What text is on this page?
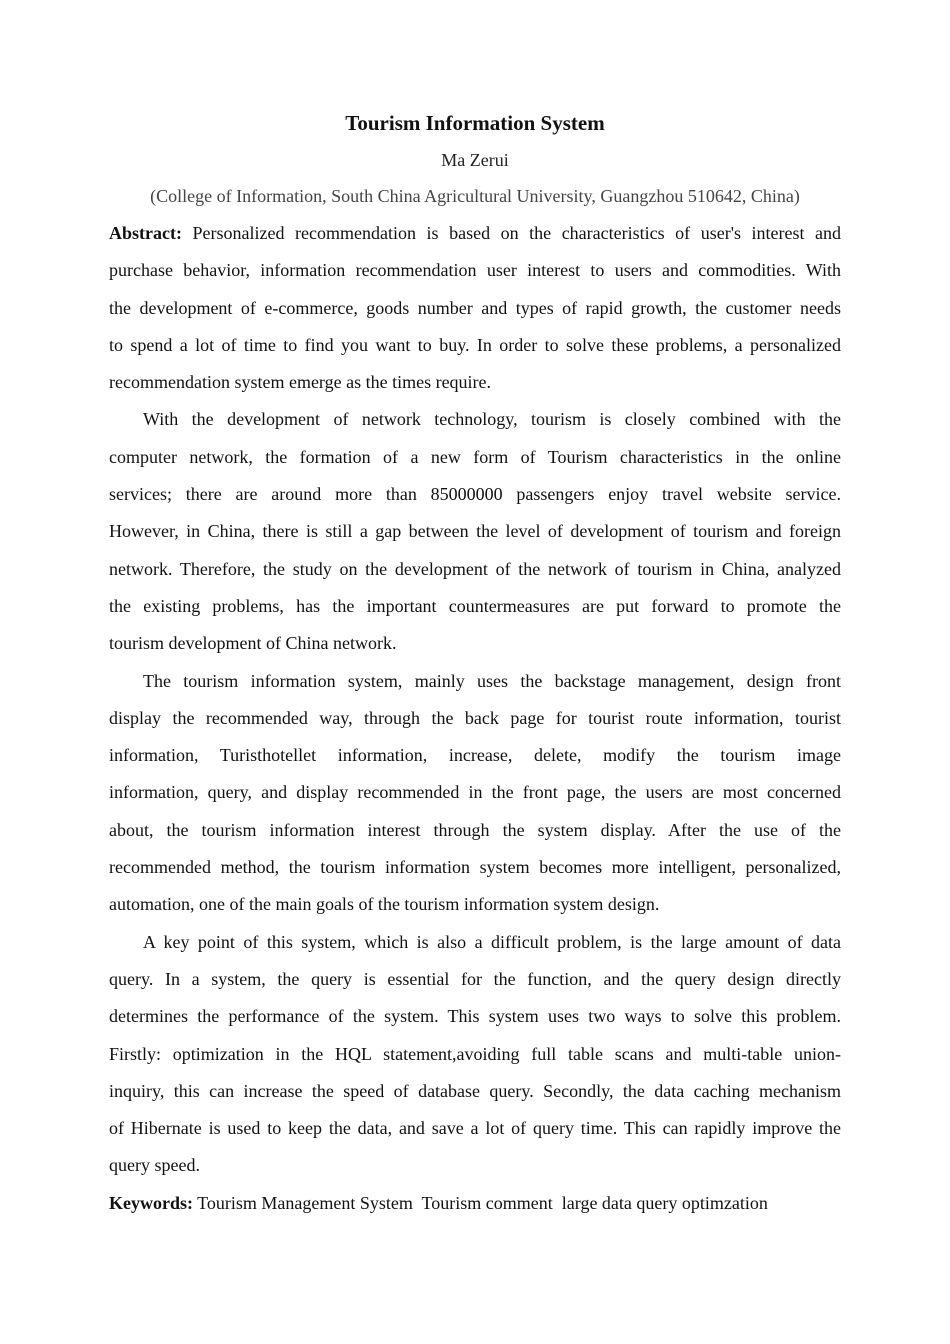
Tourism Information System
Ma Zerui
(College of Information, South China Agricultural University, Guangzhou 510642, China)
Abstract: Personalized recommendation is based on the characteristics of user's interest and
purchase behavior, information recommendation user interest to users and commodities. With
the development of e-commerce, goods number and types of rapid growth, the customer needs
to spend a lot of time to find you want to buy. In order to solve these problems, a personalized
recommendation system emerge as the times require.
With the development of network technology, tourism is closely combined with the
computer network, the formation of a new form of Tourism characteristics in the online
services; there are around more than 85000000 passengers enjoy travel website service.
However, in China, there is still a gap between the level of development of tourism and foreign
network. Therefore, the study on the development of the network of tourism in China, analyzed
the existing problems, has the important countermeasures are put forward to promote the
tourism development of China network.
The tourism information system, mainly uses the backstage management, design front
display the recommended way, through the back page for tourist route information, tourist
information, Turisthotellet information, increase, delete, modify the tourism image
information, query, and display recommended in the front page, the users are most concerned
about, the tourism information interest through the system display. After the use of the
recommended method, the tourism information system becomes more intelligent, personalized,
automation, one of the main goals of the tourism information system design.
A key point of this system, which is also a difficult problem, is the large amount of data
query. In a system, the query is essential for the function, and the query design directly
determines the performance of the system. This system uses two ways to solve this problem.
Firstly: optimization in the HQL statement,avoiding full table scans and multi-table union-
inquiry, this can increase the speed of database query. Secondly, the data caching mechanism
of Hibernate is used to keep the data, and save a lot of query time. This can rapidly improve the
query speed.
Keywords: Tourism Management System  Tourism comment  large data query optimzation
